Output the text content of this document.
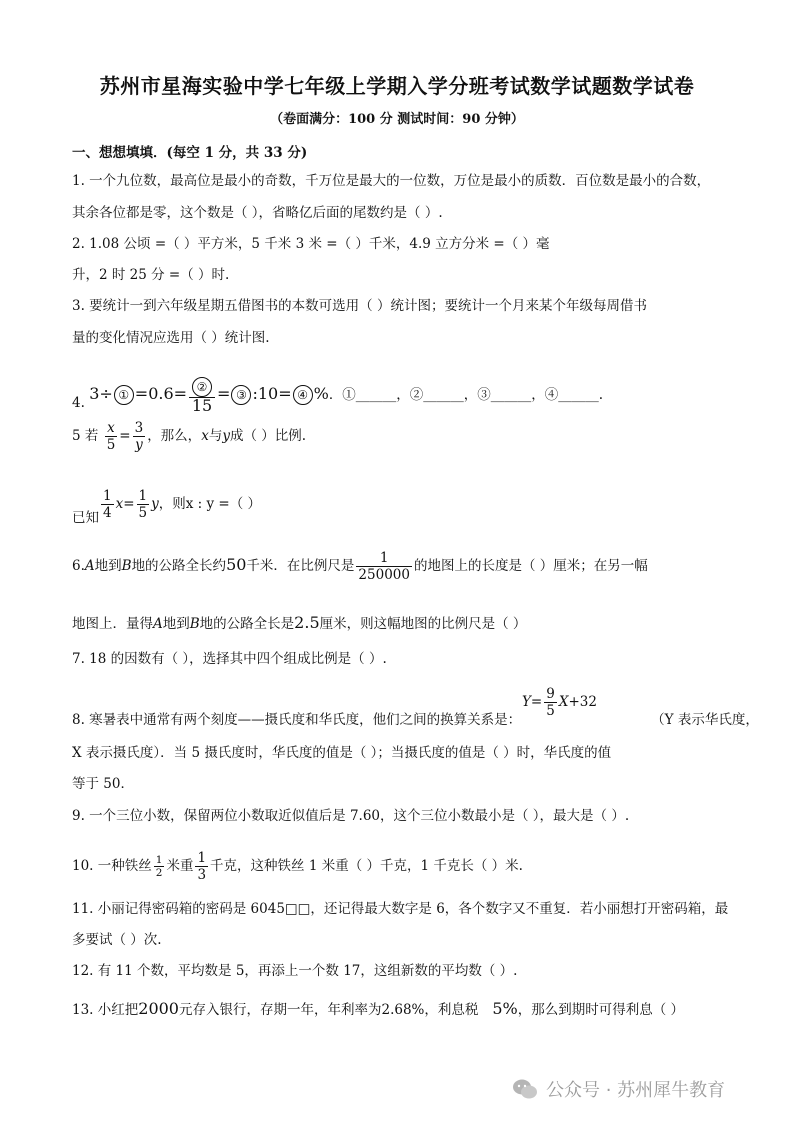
苏州市星海实验中学七年级上学期入学分班考试数学试题数学试卷
（卷面满分：100 分 测试时间：90 分钟）
一、想想填填．(每空 1 分，共 33 分)
1. 一个九位数，最高位是最小的奇数，千万位是最大的一位数，万位是最小的质数．百位数是最小的合数，
其余各位都是零，这个数是（ ），省略亿后面的尾数约是（ ）.
2. 1.08 公顷 =（ ）平方米，5 千米 3 米 =（ ）千米，4.9 立方分米 =（ ）毫
升，2 时 25 分 =（ ）时.
3. 要统计一到六年级星期五借图书的本数可选用（ ）统计图；要统计一个月来某个年级每周借书
量的变化情况应选用（ ）统计图.
4. 3÷ ① $=0.6= \frac{\text{②}}{15}$ = ③ :10= ④ %．①______，②______，③______，④______.
5 若 $\frac{x}{5} = \frac{3}{y}$ ，那么，x与y成（ ）比例.
已知 $\frac{1}{4} x= \frac{1}{5}$ y，则x : y =（ ）
6.A地到B地的公路全长约50千米．在比例尺是 $\frac{1}{250000}$ 的地图上的长度是（ ）厘米；在另一幅
地图上．量得A地到B地的公路全长是2.5厘米，则这幅地图的比例尺是（ ）
7. 18 的因数有（ ），选择其中四个组成比例是（ ）.
$Y= \frac{9}{5} X+32$
8. 寒暑表中通常有两个刻度——摄氏度和华氏度，他们之间的换算关系是：	（Y 表示华氏度，
X 表示摄氏度）．当 5 摄氏度时，华氏度的值是（ ）；当摄氏度的值是（ ）时，华氏度的值
等于 50．
9. 一个三位小数，保留两位小数取近似值后是 7.60，这个三位小数最小是（ ），最大是（ ）.
10. 一种铁丝 $\frac{1}{2}$ 米重 $\frac{1}{3}$ 千克，这种铁丝 1 米重（ ）千克，1 千克长（ ）米.
11. 小丽记得密码箱的密码是 6045□□，还记得最大数字是 6，各个数字又不重复．若小丽想打开密码箱，最
多要试（ ）次.
12. 有 11 个数，平均数是 5，再添上一个数 17，这组新数的平均数（ ）.
13. 小红把2000元存入银行，存期一年，年利率为2.68%，利息税 5%，那么到期时可得利息（ ）
公众号 · 苏州犀牛教育
